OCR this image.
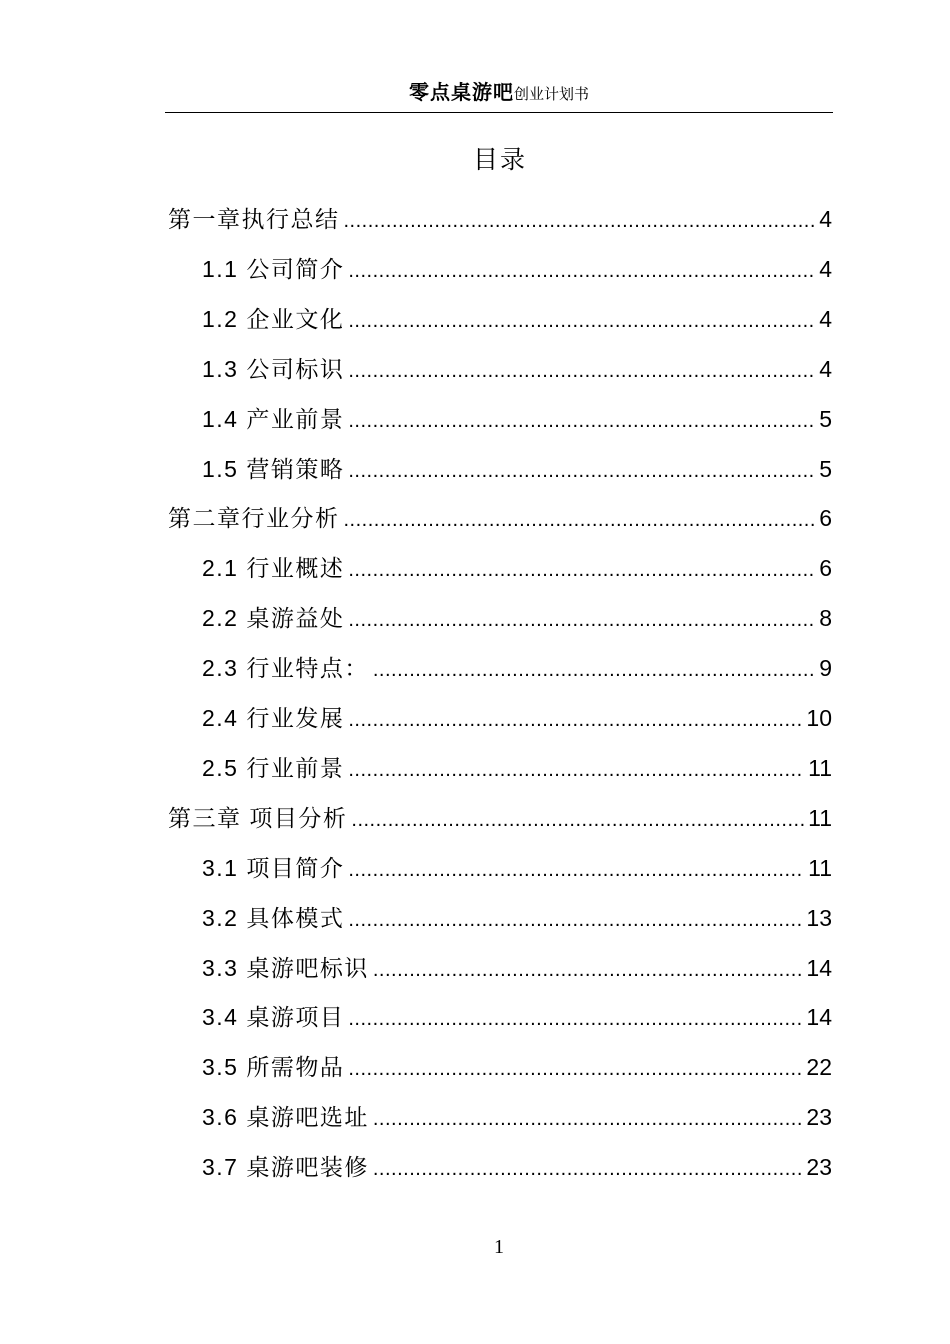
零点桌游吧创业计划书
目录
第一章执行总结 .....	4
1.1 公司简介 .....	4
1.2 企业文化 .....	4
1.3 公司标识 .....	4
1.4 产业前景 .....	5
1.5 营销策略 .....	5
第二章行业分析 .....	6
2.1 行业概述 .....	6
2.2 桌游益处 .....	8
2.3 行业特点： .....	9
2.4 行业发展 .....	10
2.5 行业前景 .....	11
第三章 项目分析 .....	11
3.1 项目简介 .....	11
3.2 具体模式 .....	13
3.3 桌游吧标识 .....	14
3.4 桌游项目 .....	14
3.5 所需物品 .....	22
3.6 桌游吧选址 .....	23
3.7 桌游吧装修 .....	23
1
